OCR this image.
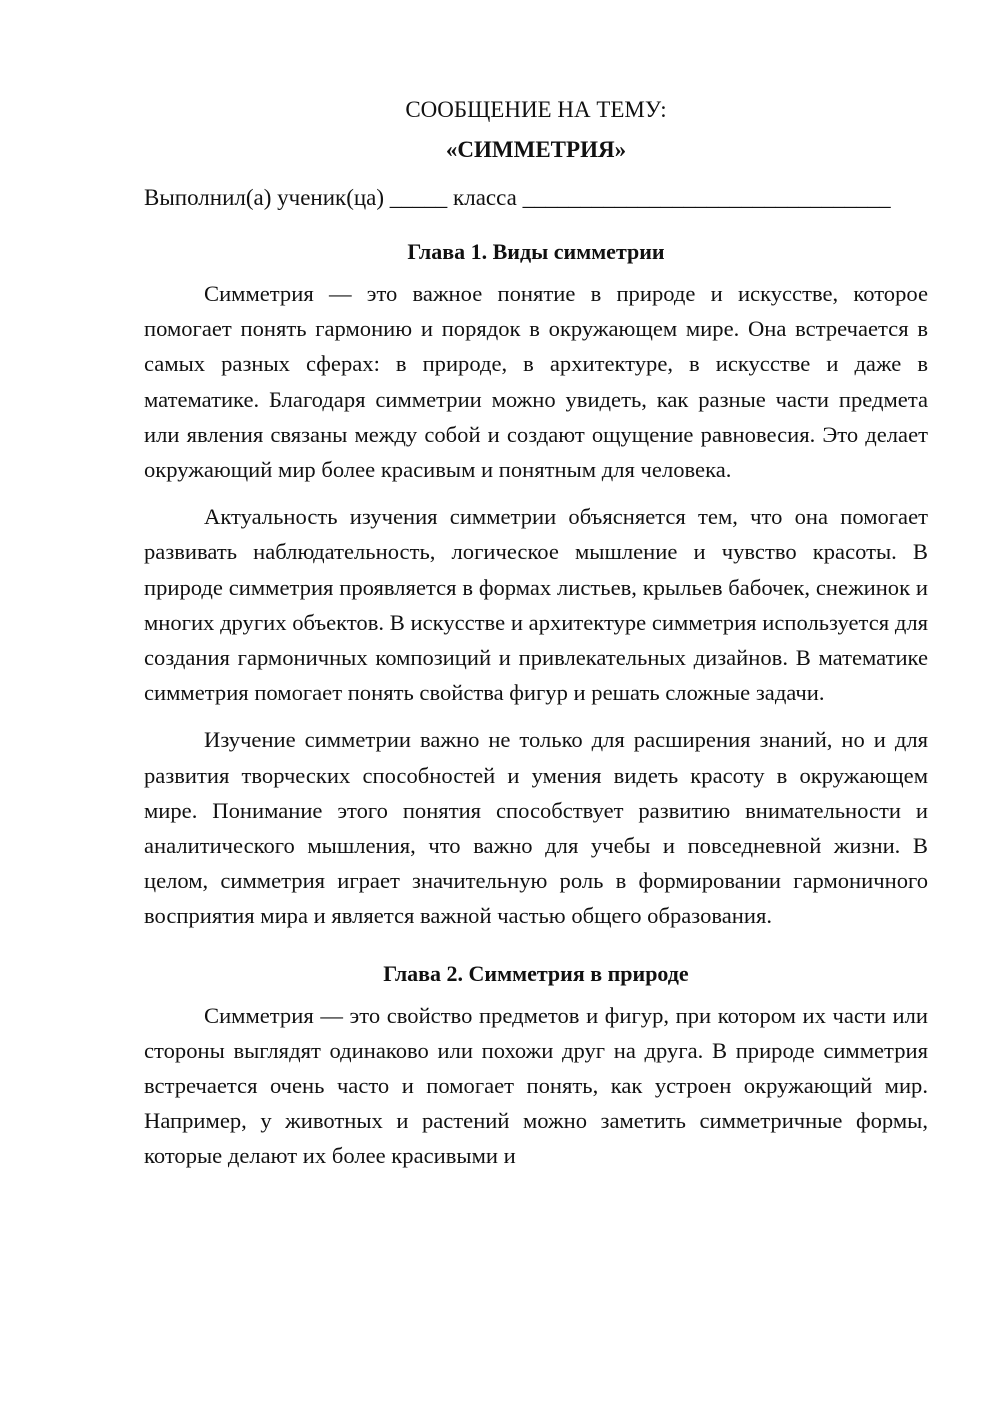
СООБЩЕНИЕ НА ТЕМУ:

«СИММЕТРИЯ»

Выполнил(а) ученик(ца) _____ класса ________________________________

Глава 1. Виды симметрии

Симметрия — это важное понятие в природе и искусстве, которое помогает понять гармонию и порядок в окружающем мире. Она встречается в самых разных сферах: в природе, в архитектуре, в искусстве и даже в математике. Благодаря симметрии можно увидеть, как разные части предмета или явления связаны между собой и создают ощущение равновесия. Это делает окружающий мир более красивым и понятным для человека.

Актуальность изучения симметрии объясняется тем, что она помогает развивать наблюдательность, логическое мышление и чувство красоты. В природе симметрия проявляется в формах листьев, крыльев бабочек, снежинок и многих других объектов. В искусстве и архитектуре симметрия используется для создания гармоничных композиций и привлекательных дизайнов. В математике симметрия помогает понять свойства фигур и решать сложные задачи.

Изучение симметрии важно не только для расширения знаний, но и для развития творческих способностей и умения видеть красоту в окружающем мире. Понимание этого понятия способствует развитию внимательности и аналитического мышления, что важно для учебы и повседневной жизни. В целом, симметрия играет значительную роль в формировании гармоничного восприятия мира и является важной частью общего образования.

Глава 2. Симметрия в природе

Симметрия — это свойство предметов и фигур, при котором их части или стороны выглядят одинаково или похожи друг на друга. В природе симметрия встречается очень часто и помогает понять, как устроен окружающий мир. Например, у животных и растений можно заметить симметричные формы, которые делают их более красивыми и
